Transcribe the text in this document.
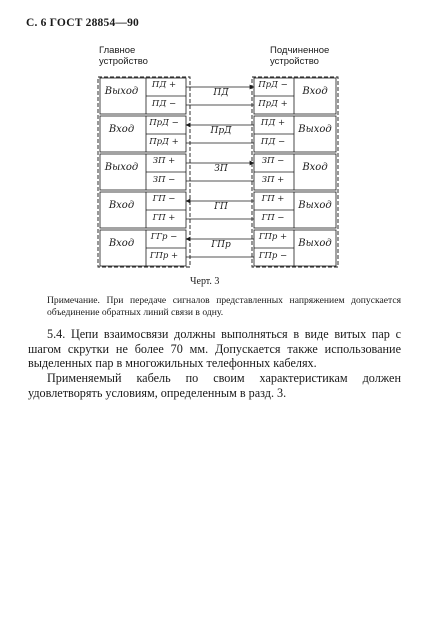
С. 6 ГОСТ 28854—90
Главное
устройство
Подчиненное
устройство
Выход
Вход
Выход
Вход
Вход
Вход
Выход
Вход
Выход
Выход
ПД +
ПД −
ПрД −
ПрД +
ЗП +
ЗП −
ГП −
ГП +
ГГр −
ГПр +
ПрД −
ПрД +
ПД +
ПД −
ЗП −
ЗП +
ГП +
ГП −
ГПр +
ГПр −
ПД
ПрД
ЗП
ГП
ГПр
Черт. 3
Примечание. При передаче сигналов представленных напряжением допускается объединение обратных линий связи в одну.
5.4. Цепи взаимосвязи должны выполняться в виде витых пар с шагом скрутки не более 70 мм. Допускается также использование выделенных пар в многожильных телефонных кабелях.
Применяемый кабель по своим характеристикам должен удовлетворять условиям, определенным в разд. 3.
